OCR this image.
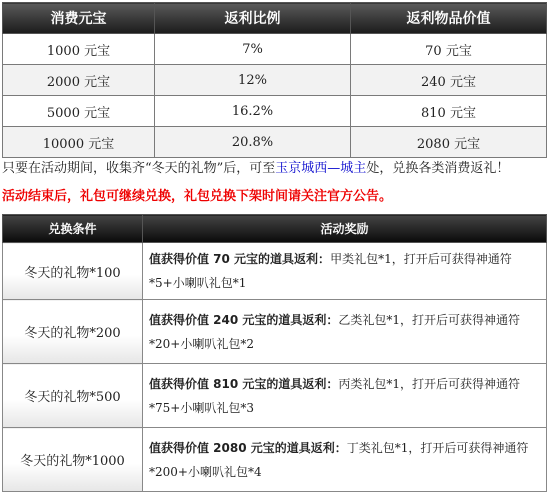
消费元宝	返利比例	返利物品价值
1000 元宝	7%	70 元宝
2000 元宝	12%	240 元宝
5000 元宝	16.2%	810 元宝
10000 元宝	20.8%	2080 元宝
只要在活动期间，收集齐“冬天的礼物”后，可至玉京城西—城主处，兑换各类消费返礼！
活动结束后，礼包可继续兑换，礼包兑换下架时间请关注官方公告。
兑换条件	活动奖励
冬天的礼物*100	值获得价值 70 元宝的道具返利：甲类礼包*1，打开后可获得神通符*5+小喇叭礼包*1
冬天的礼物*200	值获得价值 240 元宝的道具返利：乙类礼包*1，打开后可获得神通符*20+小喇叭礼包*2
冬天的礼物*500	值获得价值 810 元宝的道具返利：丙类礼包*1，打开后可获得神通符*75+小喇叭礼包*3
冬天的礼物*1000	值获得价值 2080 元宝的道具返利：丁类礼包*1，打开后可获得神通符*200+小喇叭礼包*4
